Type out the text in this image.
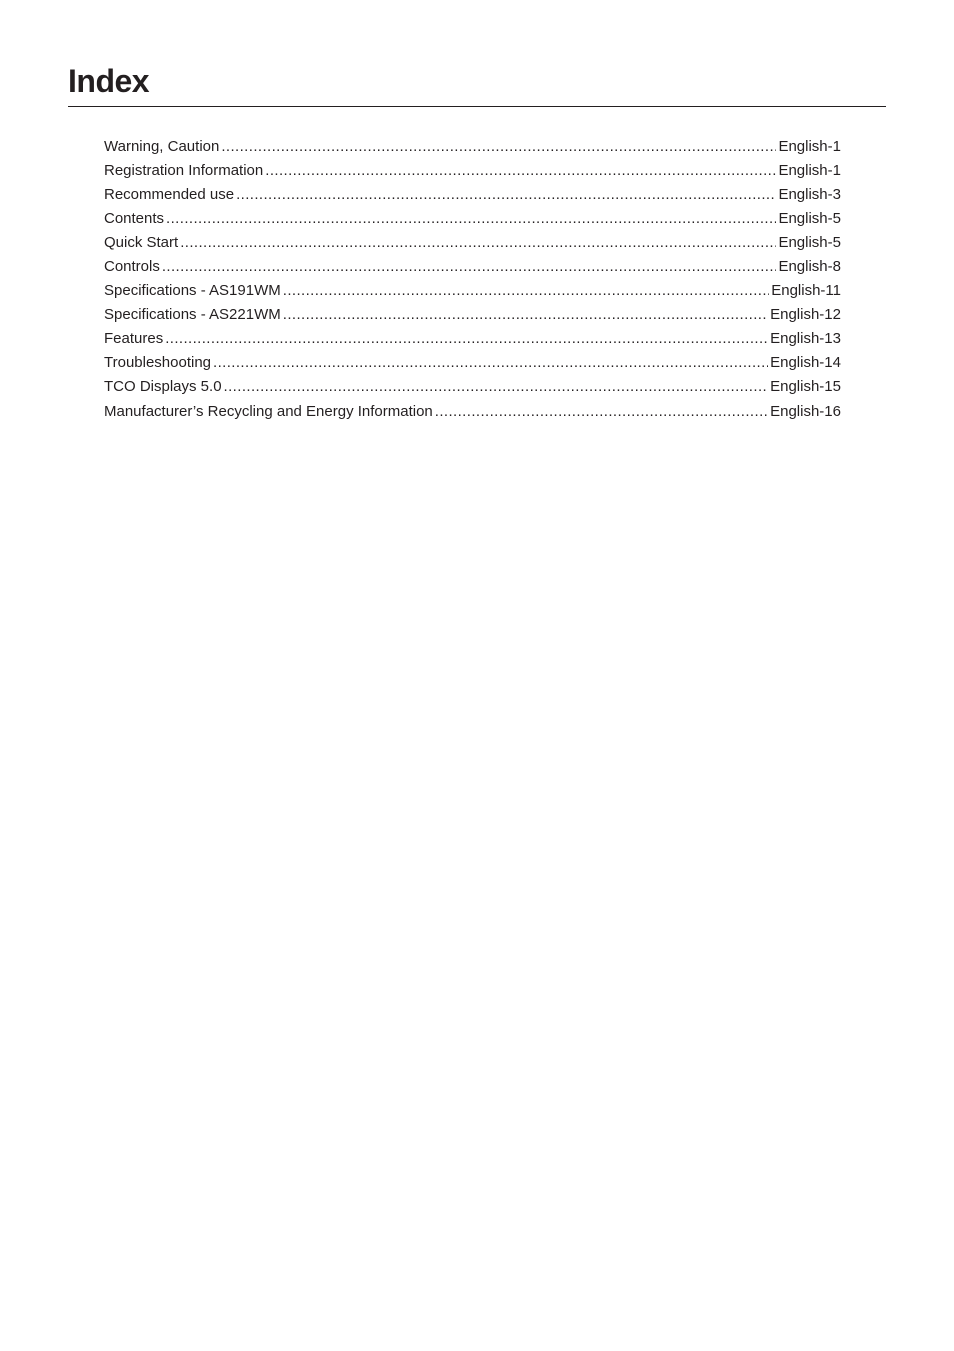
Index
Warning, Caution .....	English-1
Registration Information .....	English-1
Recommended use .....	English-3
Contents .....	English-5
Quick Start .....	English-5
Controls .....	English-8
Specifications - AS191WM .....	English-11
Specifications - AS221WM .....	English-12
Features .....	English-13
Troubleshooting .....	English-14
TCO Displays 5.0 .....	English-15
Manufacturer’s Recycling and Energy Information .....	English-16
